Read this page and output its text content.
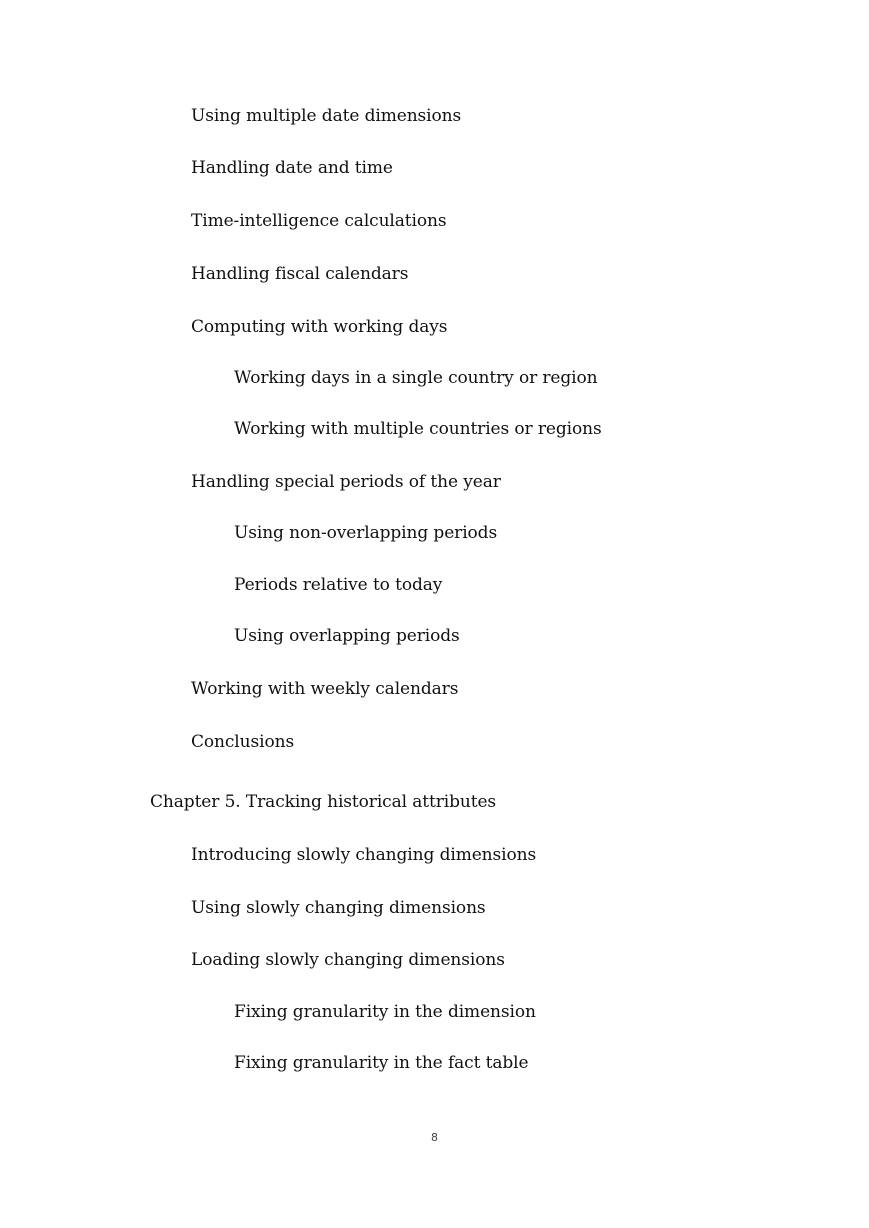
Using multiple date dimensions
Handling date and time
Time-intelligence calculations
Handling fiscal calendars
Computing with working days
Working days in a single country or region
Working with multiple countries or regions
Handling special periods of the year
Using non-overlapping periods
Periods relative to today
Using overlapping periods
Working with weekly calendars
Conclusions
Chapter 5. Tracking historical attributes
Introducing slowly changing dimensions
Using slowly changing dimensions
Loading slowly changing dimensions
Fixing granularity in the dimension
Fixing granularity in the fact table
8
